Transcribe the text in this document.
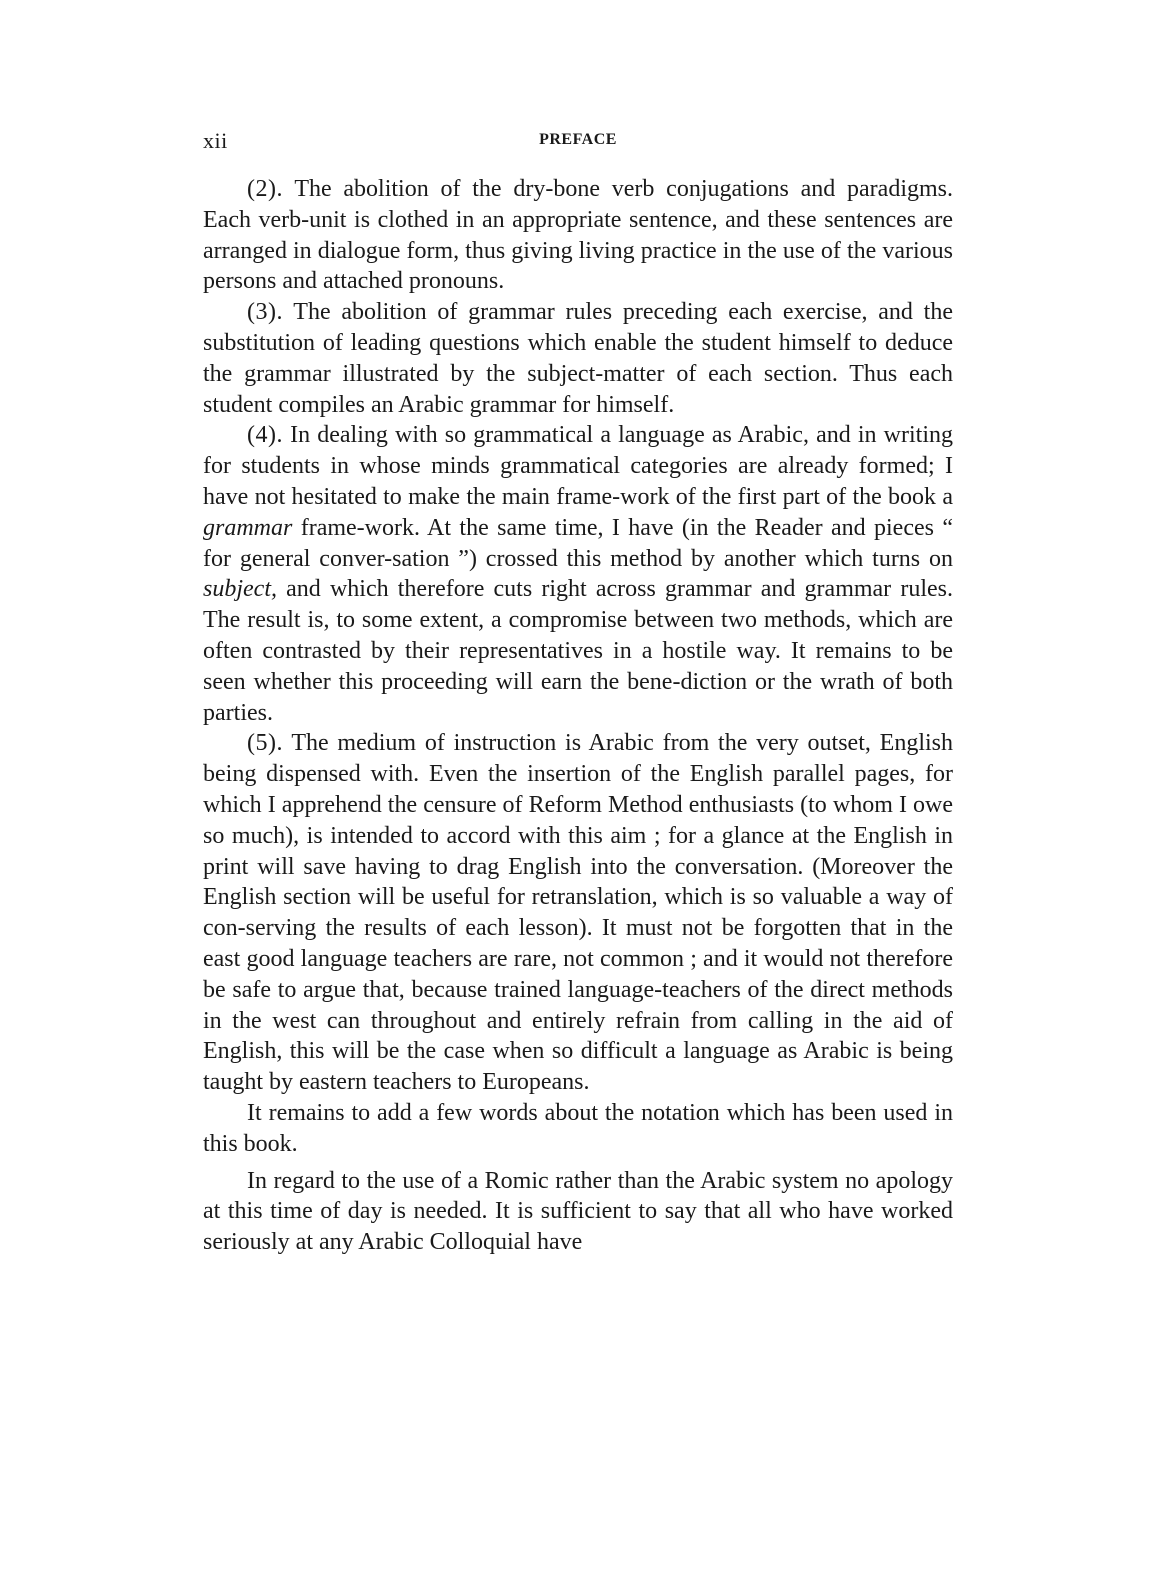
xii	PREFACE

(2). The abolition of the dry-bone verb conjugations and paradigms. Each verb-unit is clothed in an appropriate sentence, and these sentences are arranged in dialogue form, thus giving living practice in the use of the various persons and attached pronouns.

(3). The abolition of grammar rules preceding each exercise, and the substitution of leading questions which enable the student himself to deduce the grammar illustrated by the subject-matter of each section. Thus each student compiles an Arabic grammar for himself.

(4). In dealing with so grammatical a language as Arabic, and in writing for students in whose minds grammatical categories are already formed; I have not hesitated to make the main frame-work of the first part of the book a grammar frame-work. At the same time, I have (in the Reader and pieces “ for general conver-sation ”) crossed this method by another which turns on subject, and which therefore cuts right across grammar and grammar rules. The result is, to some extent, a compromise between two methods, which are often contrasted by their representatives in a hostile way. It remains to be seen whether this proceeding will earn the bene-diction or the wrath of both parties.

(5). The medium of instruction is Arabic from the very outset, English being dispensed with. Even the insertion of the English parallel pages, for which I apprehend the censure of Reform Method enthusiasts (to whom I owe so much), is intended to accord with this aim ; for a glance at the English in print will save having to drag English into the conversation. (Moreover the English section will be useful for retranslation, which is so valuable a way of con-serving the results of each lesson). It must not be forgotten that in the east good language teachers are rare, not common ; and it would not therefore be safe to argue that, because trained language-teachers of the direct methods in the west can throughout and entirely refrain from calling in the aid of English, this will be the case when so difficult a language as Arabic is being taught by eastern teachers to Europeans.

It remains to add a few words about the notation which has been used in this book.

In regard to the use of a Romic rather than the Arabic system no apology at this time of day is needed. It is sufficient to say that all who have worked seriously at any Arabic Colloquial have
